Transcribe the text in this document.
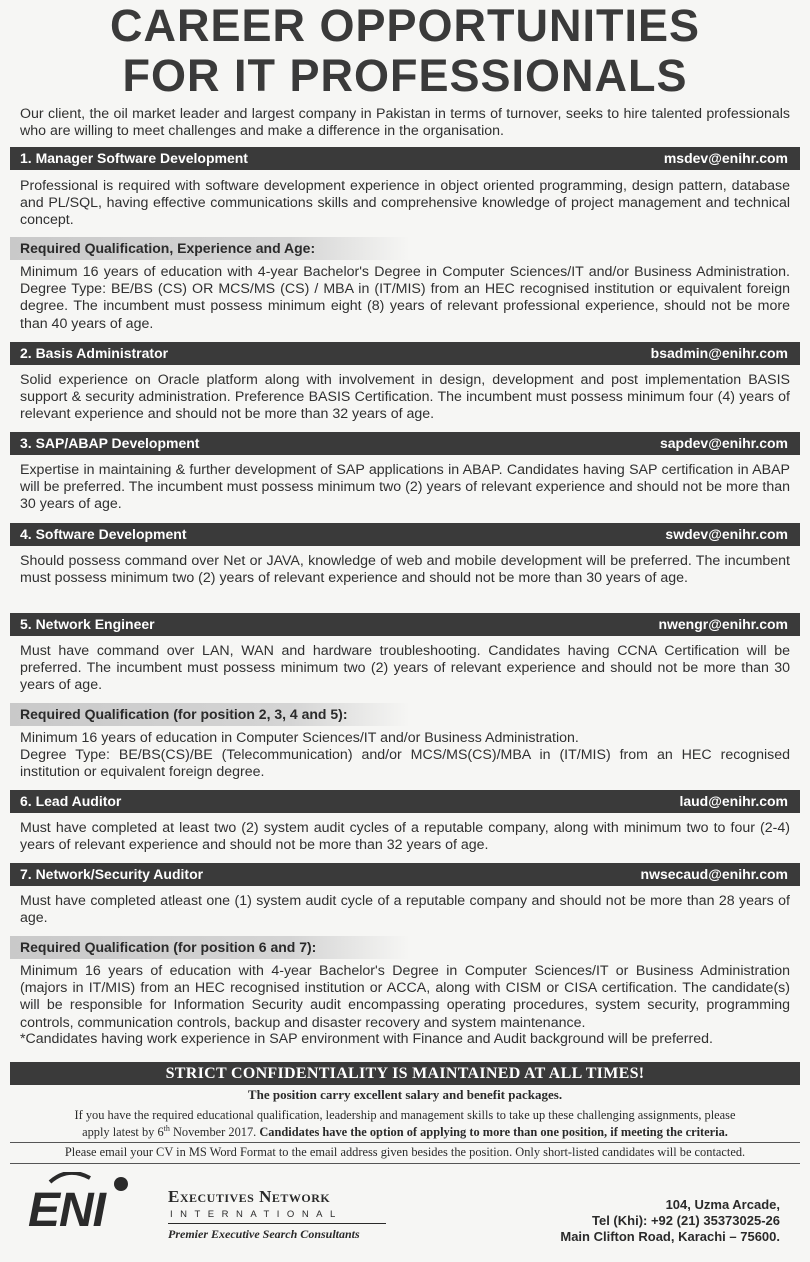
CAREER OPPORTUNITIES
FOR IT PROFESSIONALS
Our client, the oil market leader and largest company in Pakistan in terms of turnover, seeks to hire talented professionals who are willing to meet challenges and make a difference in the organisation.
1. Manager Software Development	msdev@enihr.com
Professional is required with software development experience in object oriented programming, design pattern, database and PL/SQL, having effective communications skills and comprehensive knowledge of project management and technical concept.
Required Qualification, Experience and Age:
Minimum 16 years of education with 4-year Bachelor's Degree in Computer Sciences/IT and/or Business Administration. Degree Type: BE/BS (CS) OR MCS/MS (CS) / MBA in (IT/MIS) from an HEC recognised institution or equivalent foreign degree. The incumbent must possess minimum eight (8) years of relevant professional experience, should not be more than 40 years of age.
2. Basis Administrator	bsadmin@enihr.com
Solid experience on Oracle platform along with involvement in design, development and post implementation BASIS support & security administration. Preference BASIS Certification. The incumbent must possess minimum four (4) years of relevant experience and should not be more than 32 years of age.
3. SAP/ABAP Development	sapdev@enihr.com
Expertise in maintaining & further development of SAP applications in ABAP. Candidates having SAP certification in ABAP will be preferred. The incumbent must possess minimum two (2) years of relevant experience and should not be more than 30 years of age.
4. Software Development	swdev@enihr.com
Should possess command over Net or JAVA, knowledge of web and mobile development will be preferred. The incumbent must possess minimum two (2) years of relevant experience and should not be more than 30 years of age.
5. Network Engineer	nwengr@enihr.com
Must have command over LAN, WAN and hardware troubleshooting. Candidates having CCNA Certification will be preferred. The incumbent must possess minimum two (2) years of relevant experience and should not be more than 30 years of age.
Required Qualification (for position 2, 3, 4 and 5):
Minimum 16 years of education in Computer Sciences/IT and/or Business Administration.
Degree Type: BE/BS(CS)/BE (Telecommunication) and/or MCS/MS(CS)/MBA in (IT/MIS) from an HEC recognised institution or equivalent foreign degree.
6. Lead Auditor	laud@enihr.com
Must have completed at least two (2) system audit cycles of a reputable company, along with minimum two to four (2-4) years of relevant experience and should not be more than 32 years of age.
7. Network/Security Auditor	nwsecaud@enihr.com
Must have completed atleast one (1) system audit cycle of a reputable company and should not be more than 28 years of age.
Required Qualification (for position 6 and 7):
Minimum 16 years of education with 4-year Bachelor's Degree in Computer Sciences/IT or Business Administration (majors in IT/MIS) from an HEC recognised institution or ACCA, along with CISM or CISA certification. The candidate(s) will be responsible for Information Security audit encompassing operating procedures, system security, programming controls, communication controls, backup and disaster recovery and system maintenance.
*Candidates having work experience in SAP environment with Finance and Audit background will be preferred.
STRICT CONFIDENTIALITY IS MAINTAINED AT ALL TIMES!
The position carry excellent salary and benefit packages.
If you have the required educational qualification, leadership and management skills to take up these challenging assignments, please
apply latest by 6th November 2017. Candidates have the option of applying to more than one position, if meeting the criteria.
Please email your CV in MS Word Format to the email address given besides the position. Only short-listed candidates will be contacted.
ENI	Executives Network
INTERNATIONAL
Premier Executive Search Consultants
104, Uzma Arcade,
Tel (Khi): +92 (21) 35373025-26
Main Clifton Road, Karachi – 75600.
